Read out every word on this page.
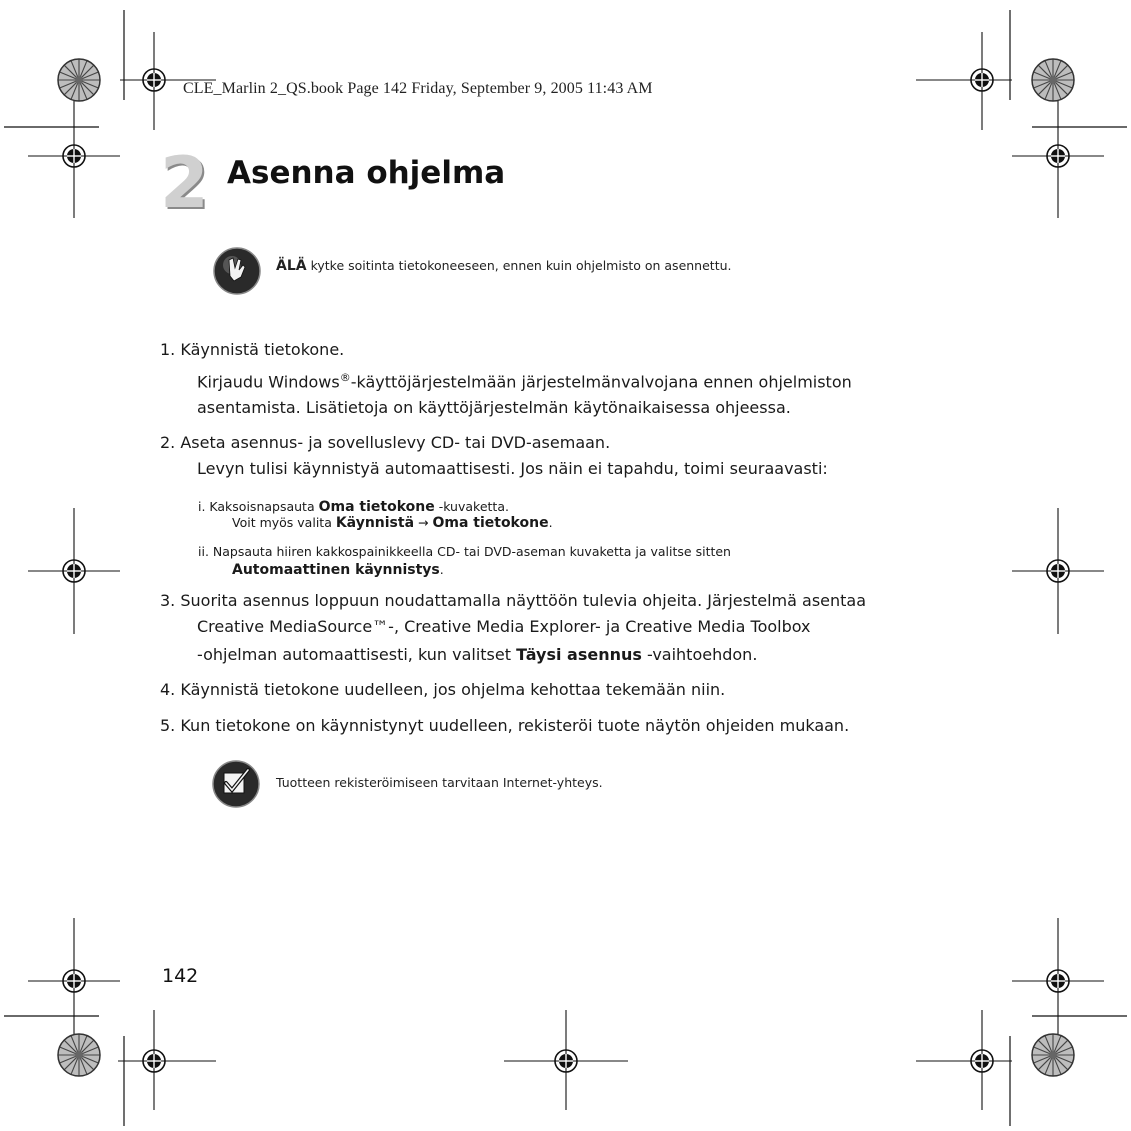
CLE_Marlin 2_QS.book Page 142 Friday, September 9, 2005 11:43 AM
2 Asenna ohjelma
ÄLÄ kytke soitinta tietokoneeseen, ennen kuin ohjelmisto on asennettu.
1. Käynnistä tietokone.
Kirjaudu Windows®-käyttöjärjestelmään järjestelmänvalvojana ennen ohjelmiston
asentamista. Lisätietoja on käyttöjärjestelmän käytönaikaisessa ohjeessa.
2. Aseta asennus- ja sovelluslevy CD- tai DVD-asemaan.
Levyn tulisi käynnistyä automaattisesti. Jos näin ei tapahdu, toimi seuraavasti:
i. Kaksoisnapsauta Oma tietokone -kuvaketta.
Voit myös valita Käynnistä → Oma tietokone.
ii. Napsauta hiiren kakkospainikkeella CD- tai DVD-aseman kuvaketta ja valitse sitten
Automaattinen käynnistys.
3. Suorita asennus loppuun noudattamalla näyttöön tulevia ohjeita. Järjestelmä asentaa
Creative MediaSource™-, Creative Media Explorer- ja Creative Media Toolbox
-ohjelman automaattisesti, kun valitset Täysi asennus -vaihtoehdon.
4. Käynnistä tietokone uudelleen, jos ohjelma kehottaa tekemään niin.
5. Kun tietokone on käynnistynyt uudelleen, rekisteröi tuote näytön ohjeiden mukaan.
Tuotteen rekisteröimiseen tarvitaan Internet-yhteys.
142
